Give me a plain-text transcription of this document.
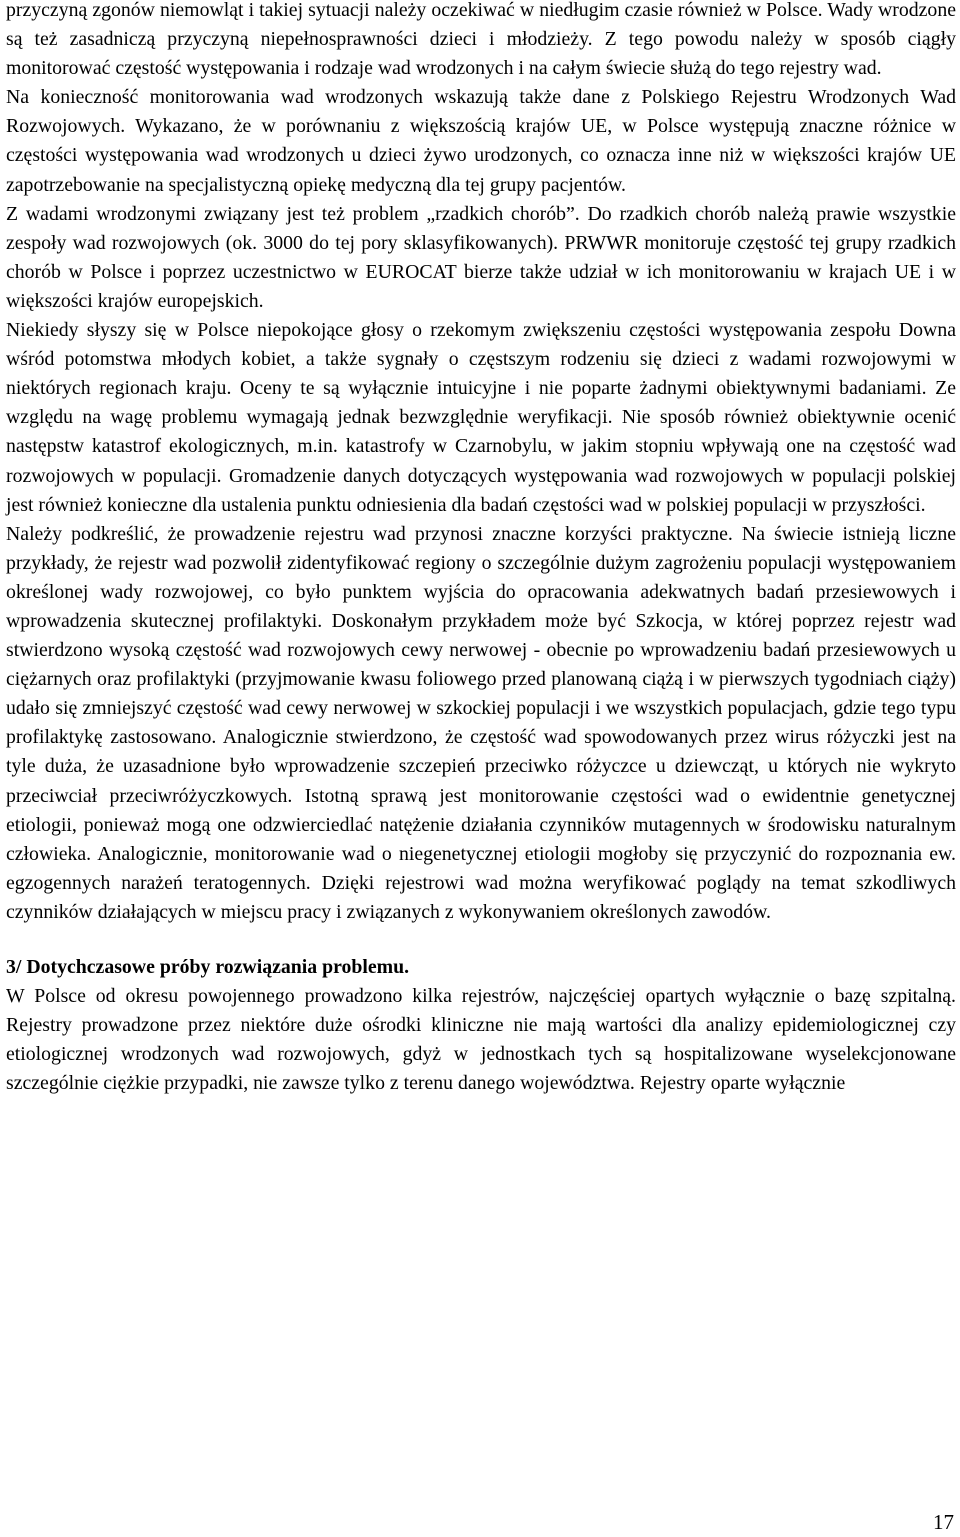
przyczyną zgonów niemowląt i takiej sytuacji należy oczekiwać w niedługim czasie również w Polsce. Wady wrodzone są też zasadniczą przyczyną niepełnosprawności dzieci i młodzieży. Z tego powodu należy w sposób ciągły monitorować częstość występowania i rodzaje wad wrodzonych i na całym świecie służą do tego rejestry wad.

Na konieczność monitorowania wad wrodzonych wskazują także dane z Polskiego Rejestru Wrodzonych Wad Rozwojowych. Wykazano, że w porównaniu z większością krajów UE, w Polsce występują znaczne różnice w częstości występowania wad wrodzonych u dzieci żywo urodzonych, co oznacza inne niż w większości krajów UE zapotrzebowanie na specjalistyczną opiekę medyczną dla tej grupy pacjentów.

Z wadami wrodzonymi związany jest też problem „rzadkich chorób”. Do rzadkich chorób należą prawie wszystkie zespoły wad rozwojowych (ok. 3000 do tej pory sklasyfikowanych). PRWWR monitoruje częstość tej grupy rzadkich chorób w Polsce i poprzez uczestnictwo w EUROCAT bierze także udział w ich monitorowaniu w krajach UE i w większości krajów europejskich.

Niekiedy słyszy się w Polsce niepokojące głosy o rzekomym zwiększeniu częstości występowania zespołu Downa wśród potomstwa młodych kobiet, a także sygnały o częstszym rodzeniu się dzieci z wadami rozwojowymi w niektórych regionach kraju. Oceny te są wyłącznie intuicyjne i nie poparte żadnymi obiektywnymi badaniami. Ze względu na wagę problemu wymagają jednak bezwzględnie weryfikacji. Nie sposób również obiektywnie ocenić następstw katastrof ekologicznych, m.in. katastrofy w Czarnobylu, w jakim stopniu wpływają one na częstość wad rozwojowych w populacji. Gromadzenie danych dotyczących występowania wad rozwojowych w populacji polskiej jest również konieczne dla ustalenia punktu odniesienia dla badań częstości wad w polskiej populacji w przyszłości.

Należy podkreślić, że prowadzenie rejestru wad przynosi znaczne korzyści praktyczne. Na świecie istnieją liczne przykłady, że rejestr wad pozwolił zidentyfikować regiony o szczególnie dużym zagrożeniu populacji występowaniem określonej wady rozwojowej, co było punktem wyjścia do opracowania adekwatnych badań przesiewowych i wprowadzenia skutecznej profilaktyki. Doskonałym przykładem może być Szkocja, w której poprzez rejestr wad stwierdzono wysoką częstość wad rozwojowych cewy nerwowej - obecnie po wprowadzeniu badań przesiewowych u ciężarnych oraz profilaktyki (przyjmowanie kwasu foliowego przed planowaną ciążą i w pierwszych tygodniach ciąży) udało się zmniejszyć częstość wad cewy nerwowej w szkockiej populacji i we wszystkich populacjach, gdzie tego typu profilaktykę zastosowano. Analogicznie stwierdzono, że częstość wad spowodowanych przez wirus różyczki jest na tyle duża, że uzasadnione było wprowadzenie szczepień przeciwko różyczce u dziewcząt, u których nie wykryto przeciwciał przeciwróżyczkowych. Istotną sprawą jest monitorowanie częstości wad o ewidentnie genetycznej etiologii, ponieważ mogą one odzwierciedlać natężenie działania czynników mutagennych w środowisku naturalnym człowieka. Analogicznie, monitorowanie wad o niegenetycznej etiologii mogłoby się przyczynić do rozpoznania ew. egzogennych narażeń teratogennych. Dzięki rejestrowi wad można weryfikować poglądy na temat szkodliwych czynników działających w miejscu pracy i związanych z wykonywaniem określonych zawodów.

3/ Dotychczasowe próby rozwiązania problemu.

W Polsce od okresu powojennego prowadzono kilka rejestrów, najczęściej opartych wyłącznie o bazę szpitalną. Rejestry prowadzone przez niektóre duże ośrodki kliniczne nie mają wartości dla analizy epidemiologicznej czy etiologicznej wrodzonych wad rozwojowych, gdyż w jednostkach tych są hospitalizowane wyselekcjonowane szczególnie ciężkie przypadki, nie zawsze tylko z terenu danego województwa. Rejestry oparte wyłącznie

17
